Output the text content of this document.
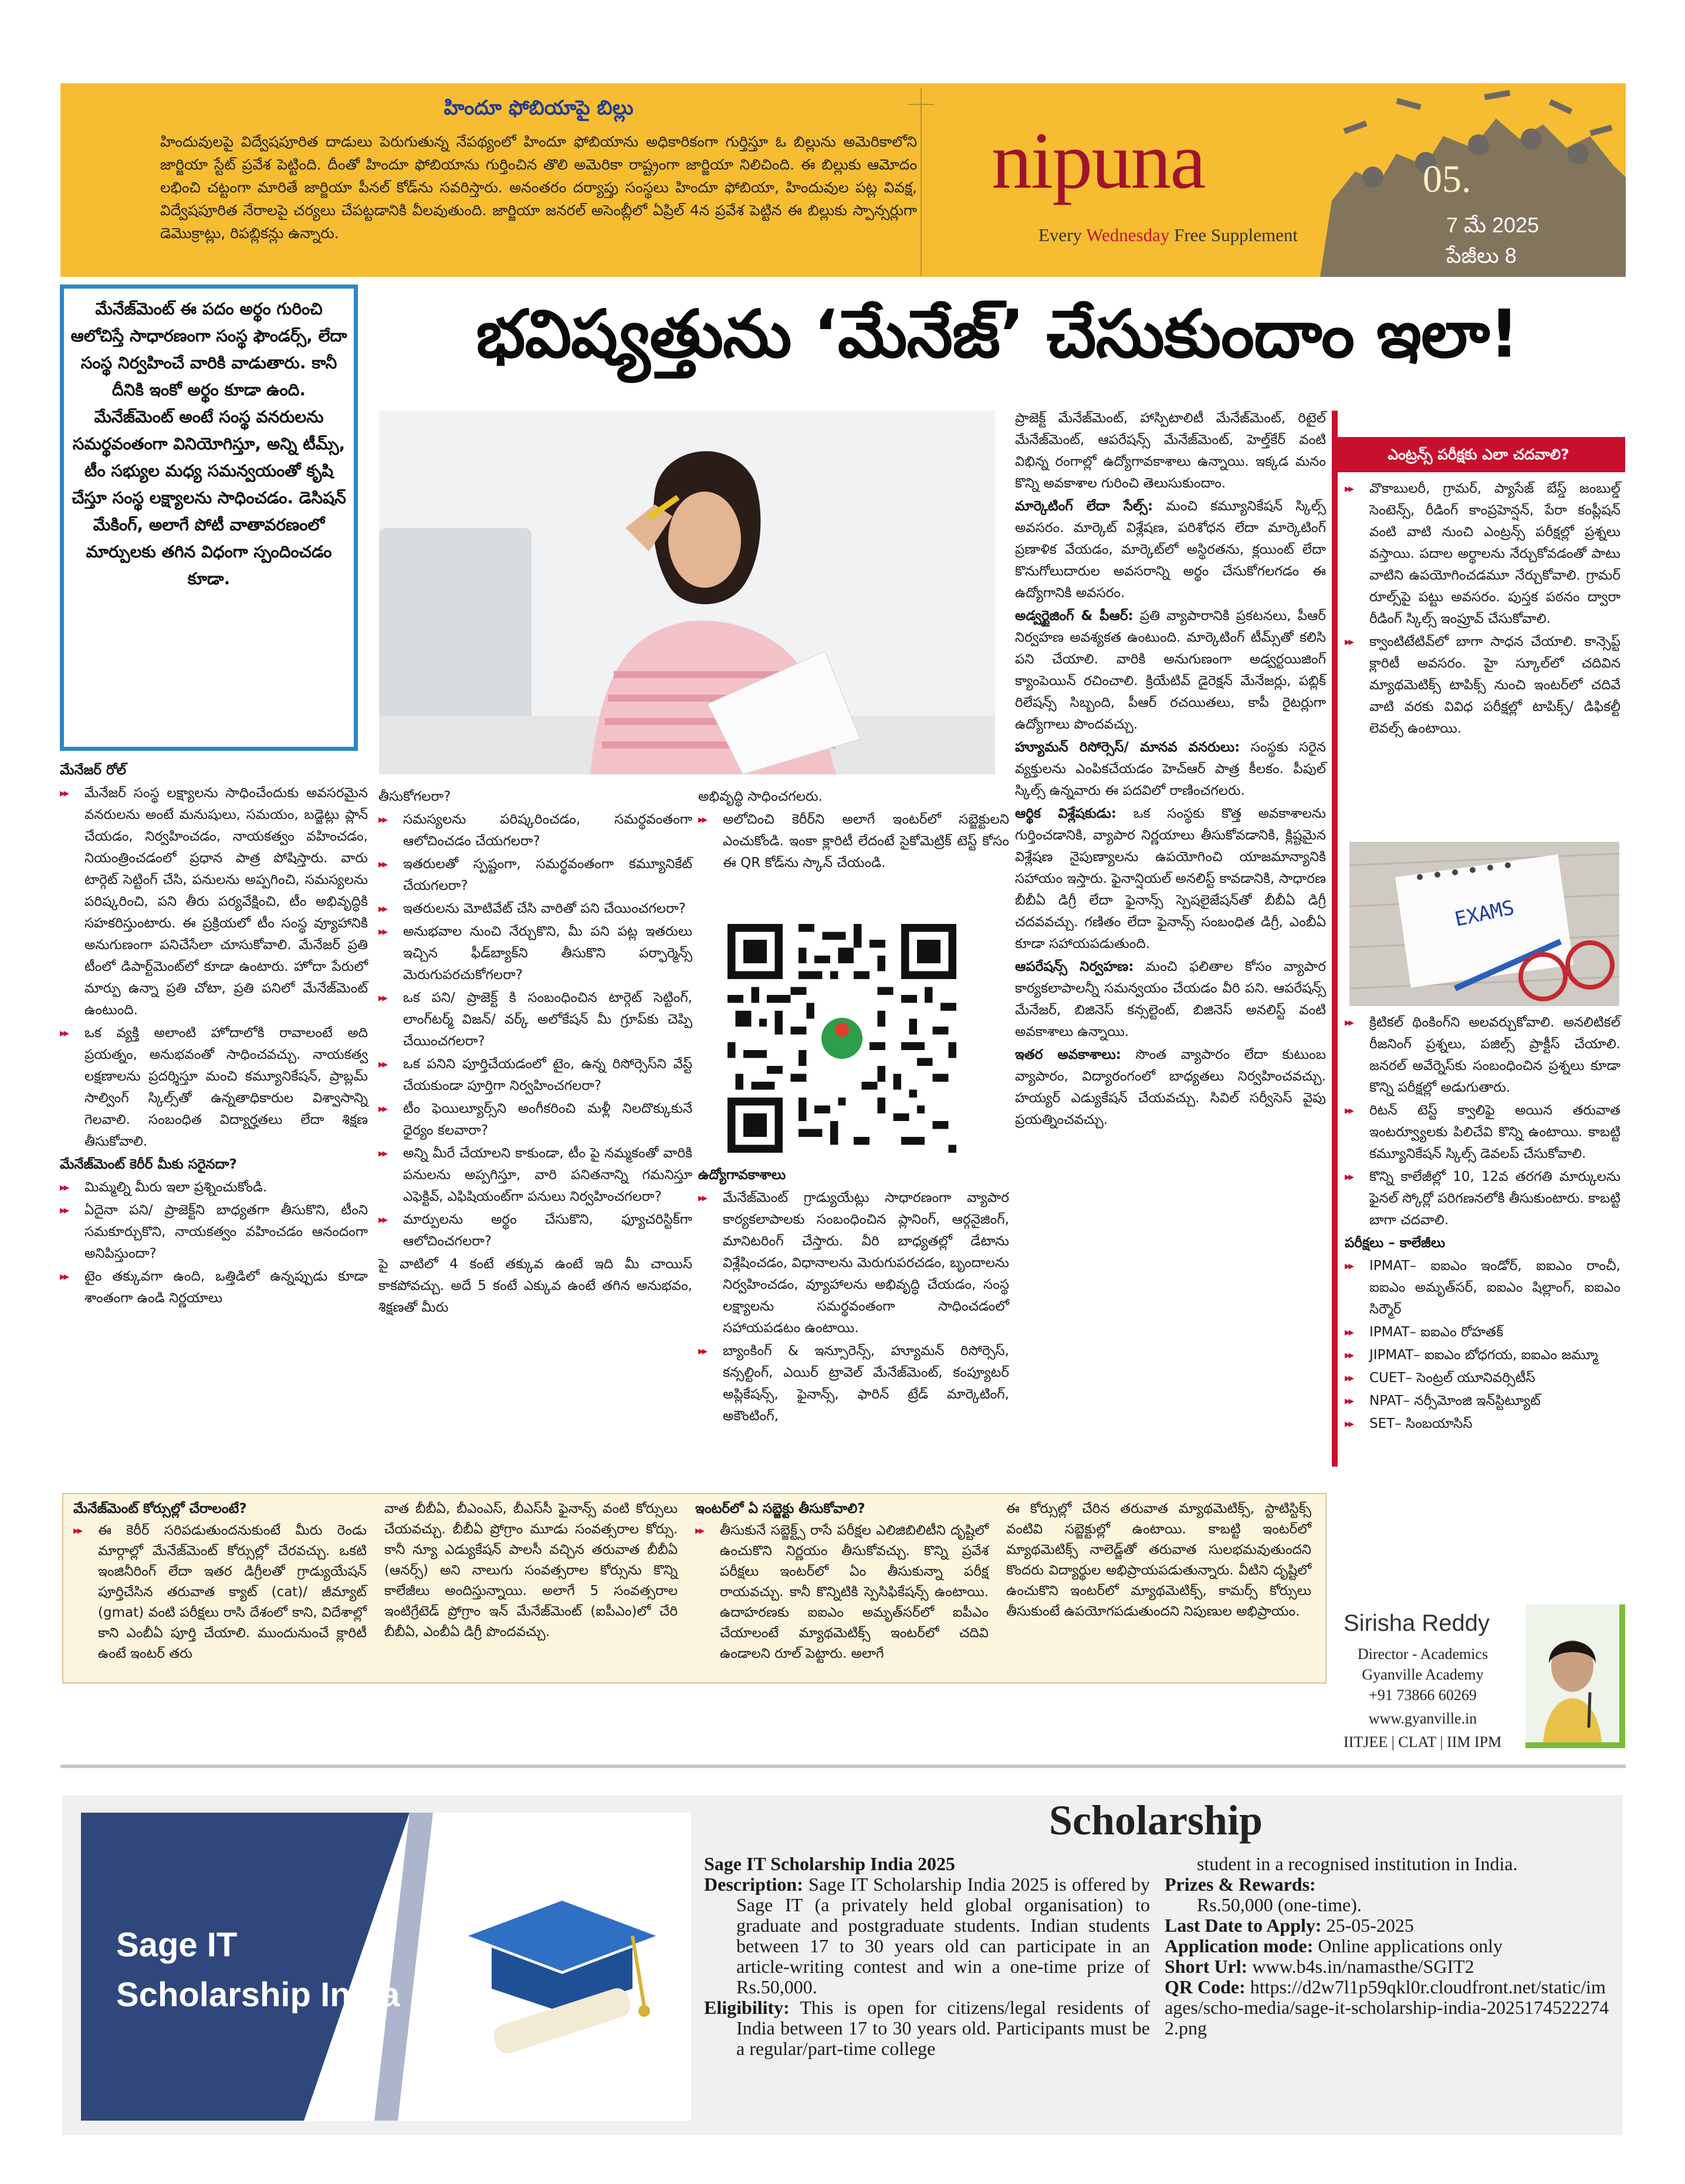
హిందూ ఫోబియాపై బిల్లు
హిందువులపై విద్వేషపూరిత దాడులు పెరుగుతున్న నేపథ్యంలో హిందూ ఫోబియాను అధికారికంగా గుర్తిస్తూ ఓ బిల్లును అమెరికాలోని జార్జియా స్టేట్ ప్రవేశ పెట్టింది. దీంతో హిందూ ఫోబియాను గుర్తించిన తొలి అమెరికా రాష్ట్రంగా జార్జియా నిలిచింది. ఈ బిల్లుకు ఆమోదం లభించి చట్టంగా మారితే జార్జియా పీనల్ కోడ్‌ను సవరిస్తారు. అనంతరం దర్యాప్తు సంస్థలు హిందూ ఫోబియా, హిందువుల పట్ల వివక్ష, విద్వేషపూరిత నేరాలపై చర్యలు చేపట్టడానికి వీలవుతుంది. జార్జియా జనరల్ అసెంబ్లీలో ఏప్రిల్ 4న ప్రవేశ పెట్టిన ఈ బిల్లుకు స్పాన్సర్లుగా డెమొక్రాట్లు, రిపబ్లికన్లు ఉన్నారు.
nipuna
Every Wednesday Free Supplement
05.
7 మే 2025
పేజీలు 8
మేనేజ్‌మెంట్ ఈ పదం అర్థం గురించి ఆలోచిస్తే సాధారణంగా సంస్థ ఫౌండర్స్, లేదా సంస్థ నిర్వహించే వారికి వాడుతారు. కానీ దీనికి ఇంకో అర్థం కూడా ఉంది. మేనేజ్‌మెంట్ అంటే సంస్థ వనరులను సమర్థవంతంగా వినియోగిస్తూ, అన్ని టీమ్స్, టీం సభ్యుల మధ్య సమన్వయంతో కృషి చేస్తూ సంస్థ లక్ష్యాలను సాధించడం. డెసిషన్ మేకింగ్, అలాగే పోటీ వాతావరణంలో మార్పులకు తగిన విధంగా స్పందించడం కూడా.
భవిష్యత్తును ‘మేనేజ్’ చేసుకుందాం ఇలా!

మేనేజర్ రోల్

▸▸ మేనేజర్ సంస్థ లక్ష్యాలను సాధించేందుకు అవసరమైన వనరులను అంటే మనుషులు, సమయం, బడ్జెట్లు ప్లాన్ చేయడం, నిర్వహించడం, నాయకత్వం వహించడం, నియంత్రించడంలో ప్రధాన పాత్ర పోషిస్తారు. వారు టార్గెట్ సెట్టింగ్ చేసి, పనులను అప్పగించి, సమస్యలను పరిష్కరించి, పని తీరు పర్యవేక్షించి, టీం అభివృద్ధికి సహకరిస్తుంటారు. ఈ ప్రక్రియలో టీం సంస్థ వ్యూహానికి అనుగుణంగా పనిచేసేలా చూసుకోవాలి. మేనేజర్ ప్రతి టీంలో డిపార్ట్‌మెంట్‌లో కూడా ఉంటారు. హోదా పేరులో మార్పు ఉన్నా ప్రతి చోటా, ప్రతి పనిలో మేనేజ్‌మెంట్ ఉంటుంది.

▸▸ ఒక వ్యక్తి అలాంటి హోదాలోకి రావాలంటే అది ప్రయత్నం, అనుభవంతో సాధించవచ్చు. నాయకత్వ లక్షణాలను ప్రదర్శిస్తూ మంచి కమ్యూనికేషన్, ప్రాబ్లమ్ సాల్వింగ్ స్కిల్స్‌తో ఉన్నతాధికారుల విశ్వాసాన్ని గెలవాలి. సంబంధిత విద్యార్హతలు లేదా శిక్షణ తీసుకోవాలి.

మేనేజ్‌మెంట్ కెరీర్ మీకు సరైనదా?

▸▸ మిమ్మల్ని మీరు ఇలా ప్రశ్నించుకోండి.

▸▸ ఏదైనా పని/ ప్రాజెక్ట్‌ని బాధ్యతగా తీసుకొని, టీంని సమకూర్చుకొని, నాయకత్వం వహించడం ఆనందంగా అనిపిస్తుందా?

▸▸ టైం తక్కువగా ఉంది, ఒత్తిడిలో ఉన్నప్పుడు కూడా శాంతంగా ఉండి నిర్ణయాలు

తీసుకోగలరా?

▸▸ సమస్యలను పరిష్కరించడం, సమర్థవంతంగా ఆలోచించడం చేయగలరా?

▸▸ ఇతరులతో స్పష్టంగా, సమర్థవంతంగా కమ్యూనికేట్ చేయగలరా?

▸▸ ఇతరులను మోటివేట్ చేసి వారితో పని చేయించగలరా?

▸▸ అనుభవాల నుంచి నేర్చుకొని, మీ పని పట్ల ఇతరులు ఇచ్చిన ఫీడ్‌బ్యాక్‌ని తీసుకొని పర్ఫార్మెన్స్ మెరుగుపరచుకోగలరా?

▸▸ ఒక పని/ ప్రాజెక్ట్ కి సంబంధించిన టార్గెట్ సెట్టింగ్, లాంగ్‌టర్మ్ విజన్/ వర్క్ అలోకేషన్ మీ గ్రూప్‌కు చెప్పి చేయించగలరా?

▸▸ ఒక పనిని పూర్తిచేయడంలో టైం, ఉన్న రిసోర్సెస్‌ని వేస్ట్ చేయకుండా పూర్తిగా నిర్వహించగలరా?

▸▸ టీం ఫెయిల్యూర్స్‌ని అంగీకరించి మళ్లీ నిలదొక్కుకునే ధైర్యం కలవారా?

▸▸ అన్ని మీరే చేయాలని కాకుండా, టీం పై నమ్మకంతో వారికి పనులను అప్పగిస్తూ, వారి పనితనాన్ని గమనిస్తూ ఎఫెక్టివ్, ఎఫిషియంట్‌గా పనులు నిర్వహించగలరా?

▸▸ మార్పులను అర్థం చేసుకొని, ఫ్యూచరిస్టిక్‌గా ఆలోచించగలరా?

పై వాటిలో 4 కంటే తక్కువ ఉంటే ఇది మీ చాయిస్ కాకపోవచ్చు. అదే 5 కంటే ఎక్కువ ఉంటే తగిన అనుభవం, శిక్షణతో మీరు

అభివృద్ధి సాధించగలరు.

▸▸ అలోచించి కెరీర్‌ని అలాగే ఇంటర్‌లో సబ్జెక్టులని ఎంచుకోండి. ఇంకా క్లారిటీ లేదంటే సైకోమెట్రిక్ టెస్ట్ కోసం ఈ QR కోడ్‌ను స్కాన్ చేయండి.

ఉద్యోగావకాశాలు

▸▸ మేనేజ్‌మెంట్ గ్రాడ్యుయేట్లు సాధారణంగా వ్యాపార కార్యకలాపాలకు సంబంధించిన ప్లానింగ్, ఆర్గనైజింగ్, మానిటరింగ్ చేస్తారు. వీరి బాధ్యతల్లో డేటాను విశ్లేషించడం, విధానాలను మెరుగుపరచడం, బృందాలను నిర్వహించడం, వ్యూహాలను అభివృద్ధి చేయడం, సంస్థ లక్ష్యాలను సమర్థవంతంగా సాధించడంలో సహాయపడటం ఉంటాయి.

▸▸ బ్యాంకింగ్ & ఇన్సూరెన్స్, హ్యూమన్ రిసోర్సెస్, కన్సల్టింగ్, ఎయిర్ ట్రావెల్ మేనేజ్‌మెంట్, కంప్యూటర్ అప్లికేషన్స్, ఫైనాన్స్, ఫారిన్ ట్రేడ్ మార్కెటింగ్, అకౌంటింగ్,

ప్రాజెక్ట్ మేనేజ్‌మెంట్, హాస్పిటాలిటీ మేనేజ్‌మెంట్, రిటైల్ మేనేజ్‌మెంట్, ఆపరేషన్స్ మేనేజ్‌మెంట్, హెల్త్‌కేర్ వంటి విభిన్న రంగాల్లో ఉద్యోగావకాశాలు ఉన్నాయి. ఇక్కడ మనం కొన్ని అవకాశాల గురించి తెలుసుకుందాం.

మార్కెటింగ్ లేదా సేల్స్: మంచి కమ్యూనికేషన్ స్కిల్స్ అవసరం. మార్కెట్ విశ్లేషణ, పరిశోధన లేదా మార్కెటింగ్ ప్రణాళిక వేయడం, మార్కెట్‌లో అస్థిరతను, క్లయింట్ లేదా కొనుగోలుదారుల అవసరాన్ని అర్థం చేసుకోగలగడం ఈ ఉద్యోగానికి అవసరం.

అడ్వర్టైజింగ్ & పీఆర్: ప్రతి వ్యాపారానికి ప్రకటనలు, పీఆర్ నిర్వహణ అవశ్యకత ఉంటుంది. మార్కెటింగ్ టీమ్స్‌తో కలిసి పని చేయాలి. వారికి అనుగుణంగా అడ్వర్టయిజింగ్ క్యాంపెయిన్ రచించాలి. క్రియేటివ్ డైరెక్షన్ మేనేజర్లు, పబ్లిక్ రిలేషన్స్ సిబ్బంది, పీఆర్ రచయితలు, కాపీ రైటర్లుగా ఉద్యోగాలు పొందవచ్చు.

హ్యూమన్ రిసోర్సెస్/ మానవ వనరులు: సంస్థకు సరైన వ్యక్తులను ఎంపికచేయడం హెచ్‌ఆర్ పాత్ర కీలకం. పీపుల్ స్కిల్స్ ఉన్నవారు ఈ పదవిలో రాణించగలరు.

ఆర్థిక విశ్లేషకుడు: ఒక సంస్థకు కొత్త అవకాశాలను గుర్తించడానికి, వ్యాపార నిర్ణయాలు తీసుకోవడానికి, క్లిష్టమైన విశ్లేషణ నైపుణ్యాలను ఉపయోగించి యాజమాన్యానికి సహాయం ఇస్తారు. ఫైనాన్షియల్ అనలిస్ట్ కావడానికి, సాధారణ బీబీఏ డిగ్రీ లేదా ఫైనాన్స్ స్పెషలైజేషన్‌తో బీబీఏ డిగ్రీ చదవవచ్చు. గణితం లేదా ఫైనాన్స్ సంబంధిత డిగ్రీ, ఎంబీఏ కూడా సహాయపడుతుంది.

ఆపరేషన్స్ నిర్వహణ: మంచి ఫలితాల కోసం వ్యాపార కార్యకలాపాలన్నీ సమన్వయం చేయడం వీరి పని. ఆపరేషన్స్ మేనేజర్, బిజినెస్ కన్సల్టెంట్, బిజినెస్ అనలిస్ట్ వంటి అవకాశాలు ఉన్నాయి.

ఇతర అవకాశాలు: సొంత వ్యాపారం లేదా కుటుంబ వ్యాపారం, విద్యారంగంలో బాధ్యతలు నిర్వహించవచ్చు. హయ్యర్ ఎడ్యుకేషన్ చేయవచ్చు. సివిల్ సర్వీసెస్ వైపు ప్రయత్నించవచ్చు.

ఎంట్రన్స్ పరీక్షకు ఎలా చదవాలి?

▸▸ వొకాబులరీ, గ్రామర్, ప్యాసేజ్ బేస్డ్ జంబుల్డ్ సెంటెన్స్, రీడింగ్ కాంప్రహెన్షన్, పేరా కంప్లీషన్ వంటి వాటి నుంచి ఎంట్రన్స్ పరీక్షల్లో ప్రశ్నలు వస్తాయి. పదాల అర్థాలను నేర్చుకోవడంతో పాటు వాటిని ఉపయోగించడమూ నేర్చుకోవాలి. గ్రామర్ రూల్స్‌పై పట్టు అవసరం. పుస్తక పఠనం ద్వారా రీడింగ్ స్కిల్స్ ఇంప్రూవ్ చేసుకోవాలి.

▸▸ క్వాంటిటేటివ్‌లో బాగా సాధన చేయాలి. కాన్సెప్ట్ క్లారిటీ అవసరం. హై స్కూల్‌లో చదివిన మ్యాథమెటిక్స్ టాపిక్స్ నుంచి ఇంటర్‌లో చదివే వాటి వరకు వివిధ పరీక్షల్లో టాపిక్స్/ డిఫికల్టీ లెవల్స్ ఉంటాయి.

EXAMS

▸▸ క్రిటికల్ థింకింగ్‌ని అలవర్చుకోవాలి. అనలిటికల్ రీజనింగ్ ప్రశ్నలు, పజిల్స్ ప్రాక్టీస్ చేయాలి. జనరల్ అవేర్నెస్‌కు సంబంధించిన ప్రశ్నలు కూడా కొన్ని పరీక్షల్లో అడుగుతారు.

▸▸ రిటన్ టెస్ట్ క్వాలిఫై అయిన తరువాత ఇంటర్వ్యూలకు పిలిచేవి కొన్ని ఉంటాయి. కాబట్టి కమ్యూనికేషన్ స్కిల్స్ డెవలప్ చేసుకోవాలి.

▸▸ కొన్ని కాలేజీల్లో 10, 12వ తరగతి మార్కులను ఫైనల్ స్కోర్లో పరిగణనలోకి తీసుకుంటారు. కాబట్టి బాగా చదవాలి.

పరీక్షలు – కాలేజీలు

▸▸ IPMAT– ఐఐఎం ఇండోర్, ఐఐఎం రాంచీ, ఐఐఎం అమృత్‌సర్, ఐఐఎం షిల్లాంగ్, ఐఐఎం సిర్మౌర్

▸▸ IPMAT– ఐఐఎం రోహతక్

▸▸ JIPMAT– ఐఐఎం బోధగయ, ఐఐఎం జమ్మూ

▸▸ CUET– సెంట్రల్ యూనివర్సిటీస్

▸▸ NPAT– నర్సీమోంజి ఇన్‌స్టిట్యూట్

▸▸ SET– సింబయాసిస్

మేనేజ్‌మెంట్ కోర్సుల్లో చేరాలంటే?

▸▸ ఈ కెరీర్ సరిపడుతుందనుకుంటే మీరు రెండు మార్గాల్లో మేనేజ్‌మెంట్ కోర్సుల్లో చేరవచ్చు. ఒకటి ఇంజినీరింగ్ లేదా ఇతర డిగ్రీలతో గ్రాడ్యుయేషన్ పూర్తిచేసిన తరువాత క్యాట్ (cat)/ జీమ్యాట్ (gmat) వంటి పరీక్షలు రాసి దేశంలో కాని, విదేశాల్లో కాని ఎంబీఏ పూర్తి చేయాలి. ముందునుంచే క్లారిటీ ఉంటే ఇంటర్ తరు

వాత బీబీఏ, బీఎంఎస్, బీఎస్‌సీ ఫైనాన్స్ వంటి కోర్సులు చేయవచ్చు. బీబీఏ ప్రోగ్రాం మూడు సంవత్సరాల కోర్సు. కానీ న్యూ ఎడ్యుకేషన్ పాలసీ వచ్చిన తరువాత బీబీఏ (ఆనర్స్) అని నాలుగు సంవత్సరాల కోర్సును కొన్ని కాలేజీలు అందిస్తున్నాయి. అలాగే 5 సంవత్సరాల ఇంటిగ్రేటెడ్ ప్రోగ్రాం ఇన్ మేనేజ్‌మెంట్ (ఐపీఎం)లో చేరి బీబీఏ, ఎంబీఏ డిగ్రీ పొందవచ్చు.

ఇంటర్‌లో ఏ సబ్జెక్టు తీసుకోవాలి?

▸▸ తీసుకునే సబ్జెక్ట్స్ రాసే పరీక్షల ఎలిజిబిలిటీని దృష్టిలో ఉంచుకొని నిర్ణయం తీసుకోవచ్చు. కొన్ని ప్రవేశ పరీక్షలు ఇంటర్‌లో ఏం తీసుకున్నా పరీక్ష రాయవచ్చు. కానీ కొన్నిటికి స్పెసిఫికేషన్స్ ఉంటాయి. ఉదాహరణకు ఐఐఎం అమృత్‌సర్‌లో ఐపీఎం చేయాలంటే మ్యాథమెటిక్స్ ఇంటర్‌లో చదివి ఉండాలని రూల్ పెట్టారు. అలాగే

ఈ కోర్సుల్లో చేరిన తరువాత మ్యాథమెటిక్స్, స్టాటిస్టిక్స్ వంటివి సబ్జెక్టుల్లో ఉంటాయి. కాబట్టి ఇంటర్‌లో మ్యాథమెటిక్స్ నాలెడ్జ్‌తో తరువాత సులభమవుతుందని కొందరు విద్యార్థుల అభిప్రాయపడుతున్నారు. వీటిని దృష్టిలో ఉంచుకొని ఇంటర్‌లో మ్యాథమెటిక్స్, కామర్స్ కోర్సులు తీసుకుంటే ఉపయోగపడుతుందని నిపుణుల అభిప్రాయం.	Sirisha Reddy
Director - Academics
Gyanville Academy
+91 73866 60269
www.gyanville.in
IITJEE | CLAT | IIM IPM
Sage IT
Scholarship India
Scholarship
Sage IT Scholarship India 2025
Description: Sage IT Scholarship India 2025 is offered by Sage IT (a privately held global organisation) to graduate and postgraduate students. Indian students between 17 to 30 years old can participate in an article-writing contest and win a one-time prize of Rs.50,000.
Eligibility: This is open for citizens/legal residents of India between 17 to 30 years old. Participants must be a regular/part-time college
student in a recognised institution in India.
Prizes & Rewards:
Rs.50,000 (one-time).
Last Date to Apply: 25-05-2025
Application mode: Online applications only
Short Url: www.b4s.in/namasthe/SGIT2
QR Code: https://d2w7l1p59qkl0r.cloudfront.net/static/images/scho-media/sage-it-scholarship-india-20251745222742.png
